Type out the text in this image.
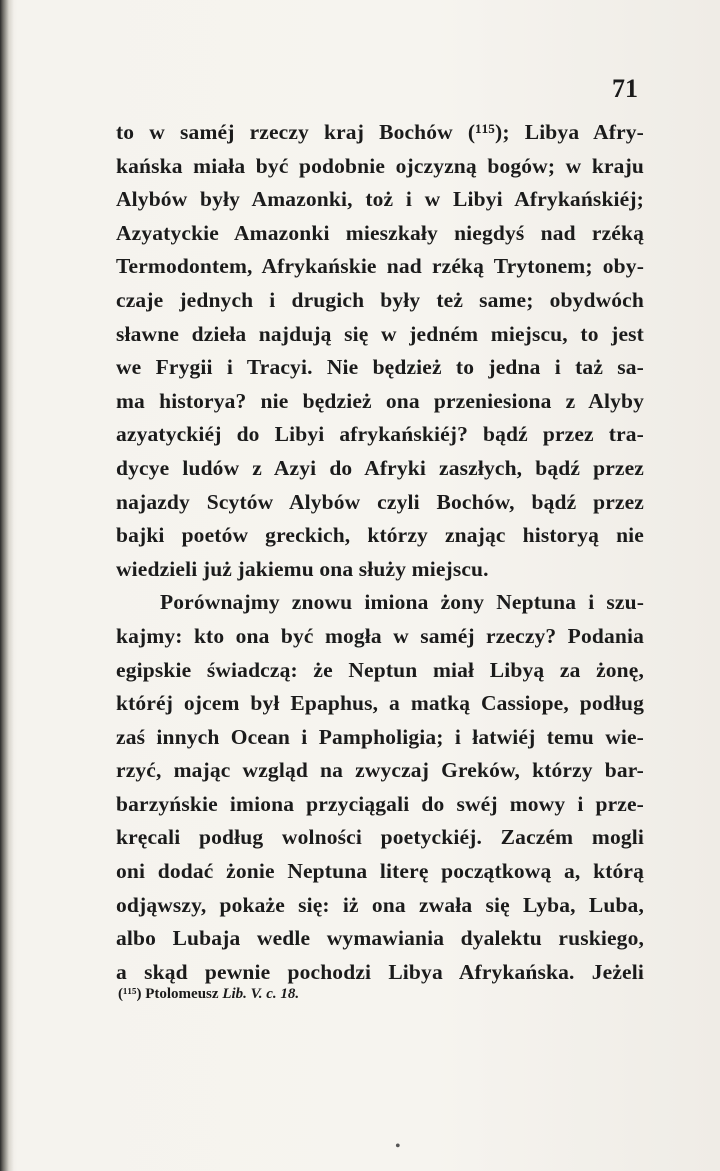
71
to w saméj rzeczy kraj Bochów (¹¹⁵); Libya Afry-
kańska miała być podobnie ojczyzną bogów; w kraju
Alybów były Amazonki, toż i w Libyi Afrykańskiéj;
Azyatyckie Amazonki mieszkały niegdyś nad rzéką
Termodontem, Afrykańskie nad rzéką Trytonem; oby-
czaje jednych i drugich były też same; obydwóch
sławne dzieła najdują się w jedném miejscu, to jest
we Frygii i Tracyi. Nie będzież to jedna i taż sa-
ma historya? nie będzież ona przeniesiona z Alyby
azyatyckiéj do Libyi afrykańskiéj? bądź przez tra-
dycye ludów z Azyi do Afryki zaszłych, bądź przez
najazdy Scytów Alybów czyli Bochów, bądź przez
bajki poetów greckich, którzy znając historyą nie
wiedzieli już jakiemu ona służy miejscu.
Porównajmy znowu imiona żony Neptuna i szu-
kajmy: kto ona być mogła w saméj rzeczy? Podania
egipskie świadczą: że Neptun miał Libyą za żonę,
któréj ojcem był Epaphus, a matką Cassiope, podług
zaś innych Ocean i Pampholigia; i łatwiéj temu wie-
rzyć, mając wzgląd na zwyczaj Greków, którzy bar-
barzyńskie imiona przyciągali do swéj mowy i prze-
kręcali podług wolności poetyckiéj. Zaczém mogli
oni dodać żonie Neptuna literę początkową a, którą
odjąwszy, pokaże się: iż ona zwała się Lyba, Luba,
albo Lubaja wedle wymawiania dyalektu ruskiego,
a skąd pewnie pochodzi Libya Afrykańska. Jeżeli
(¹¹⁵) Ptolomeusz Lib. V. c. 18.
•
